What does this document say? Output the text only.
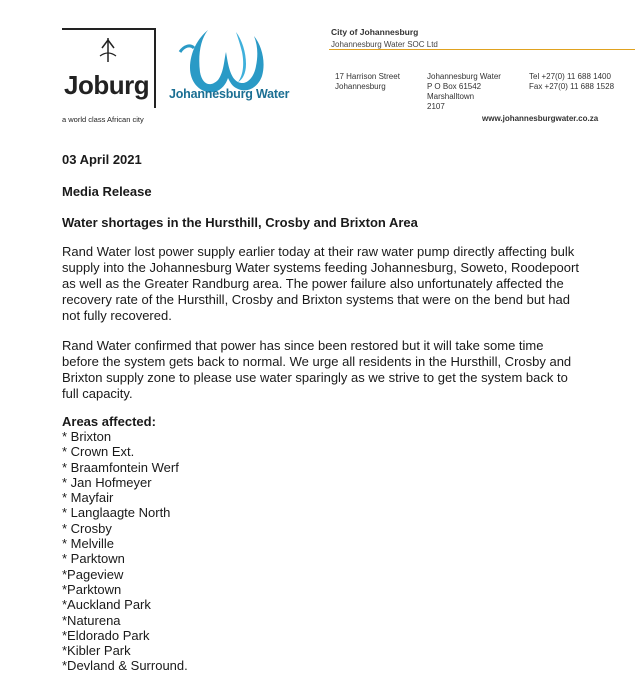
Joburg
a world class African city
Johannesburg Water
City of Johannesburg
Johannesburg Water SOC Ltd
17 Harrison Street
Johannesburg
Johannesburg Water
P O Box 61542
Marshalltown
2107
Tel +27(0) 11 688 1400
Fax +27(0) 11 688 1528
www.johannesburgwater.co.za
03 April 2021
Media Release
Water shortages in the Hursthill, Crosby and Brixton Area

Rand Water lost power supply earlier today at their raw water pump directly affecting bulk supply into the Johannesburg Water systems feeding Johannesburg, Soweto, Roodepoort as well as the Greater Randburg area. The power failure also unfortunately affected the recovery rate of the Hursthill, Crosby and Brixton systems that were on the bend but had not fully recovered.

Rand Water confirmed that power has since been restored but it will take some time before the system gets back to normal. We urge all residents in the Hursthill, Crosby and Brixton supply zone to please use water sparingly as we strive to get the system back to full capacity.

Areas affected:
* Brixton
* Crown Ext.
* Braamfontein Werf
* Jan Hofmeyer
* Mayfair
* Langlaagte North
* Crosby
* Melville
* Parktown
*Pageview
*Parktown
*Auckland Park
*Naturena
*Eldorado Park
*Kibler Park
*Devland & Surround.
